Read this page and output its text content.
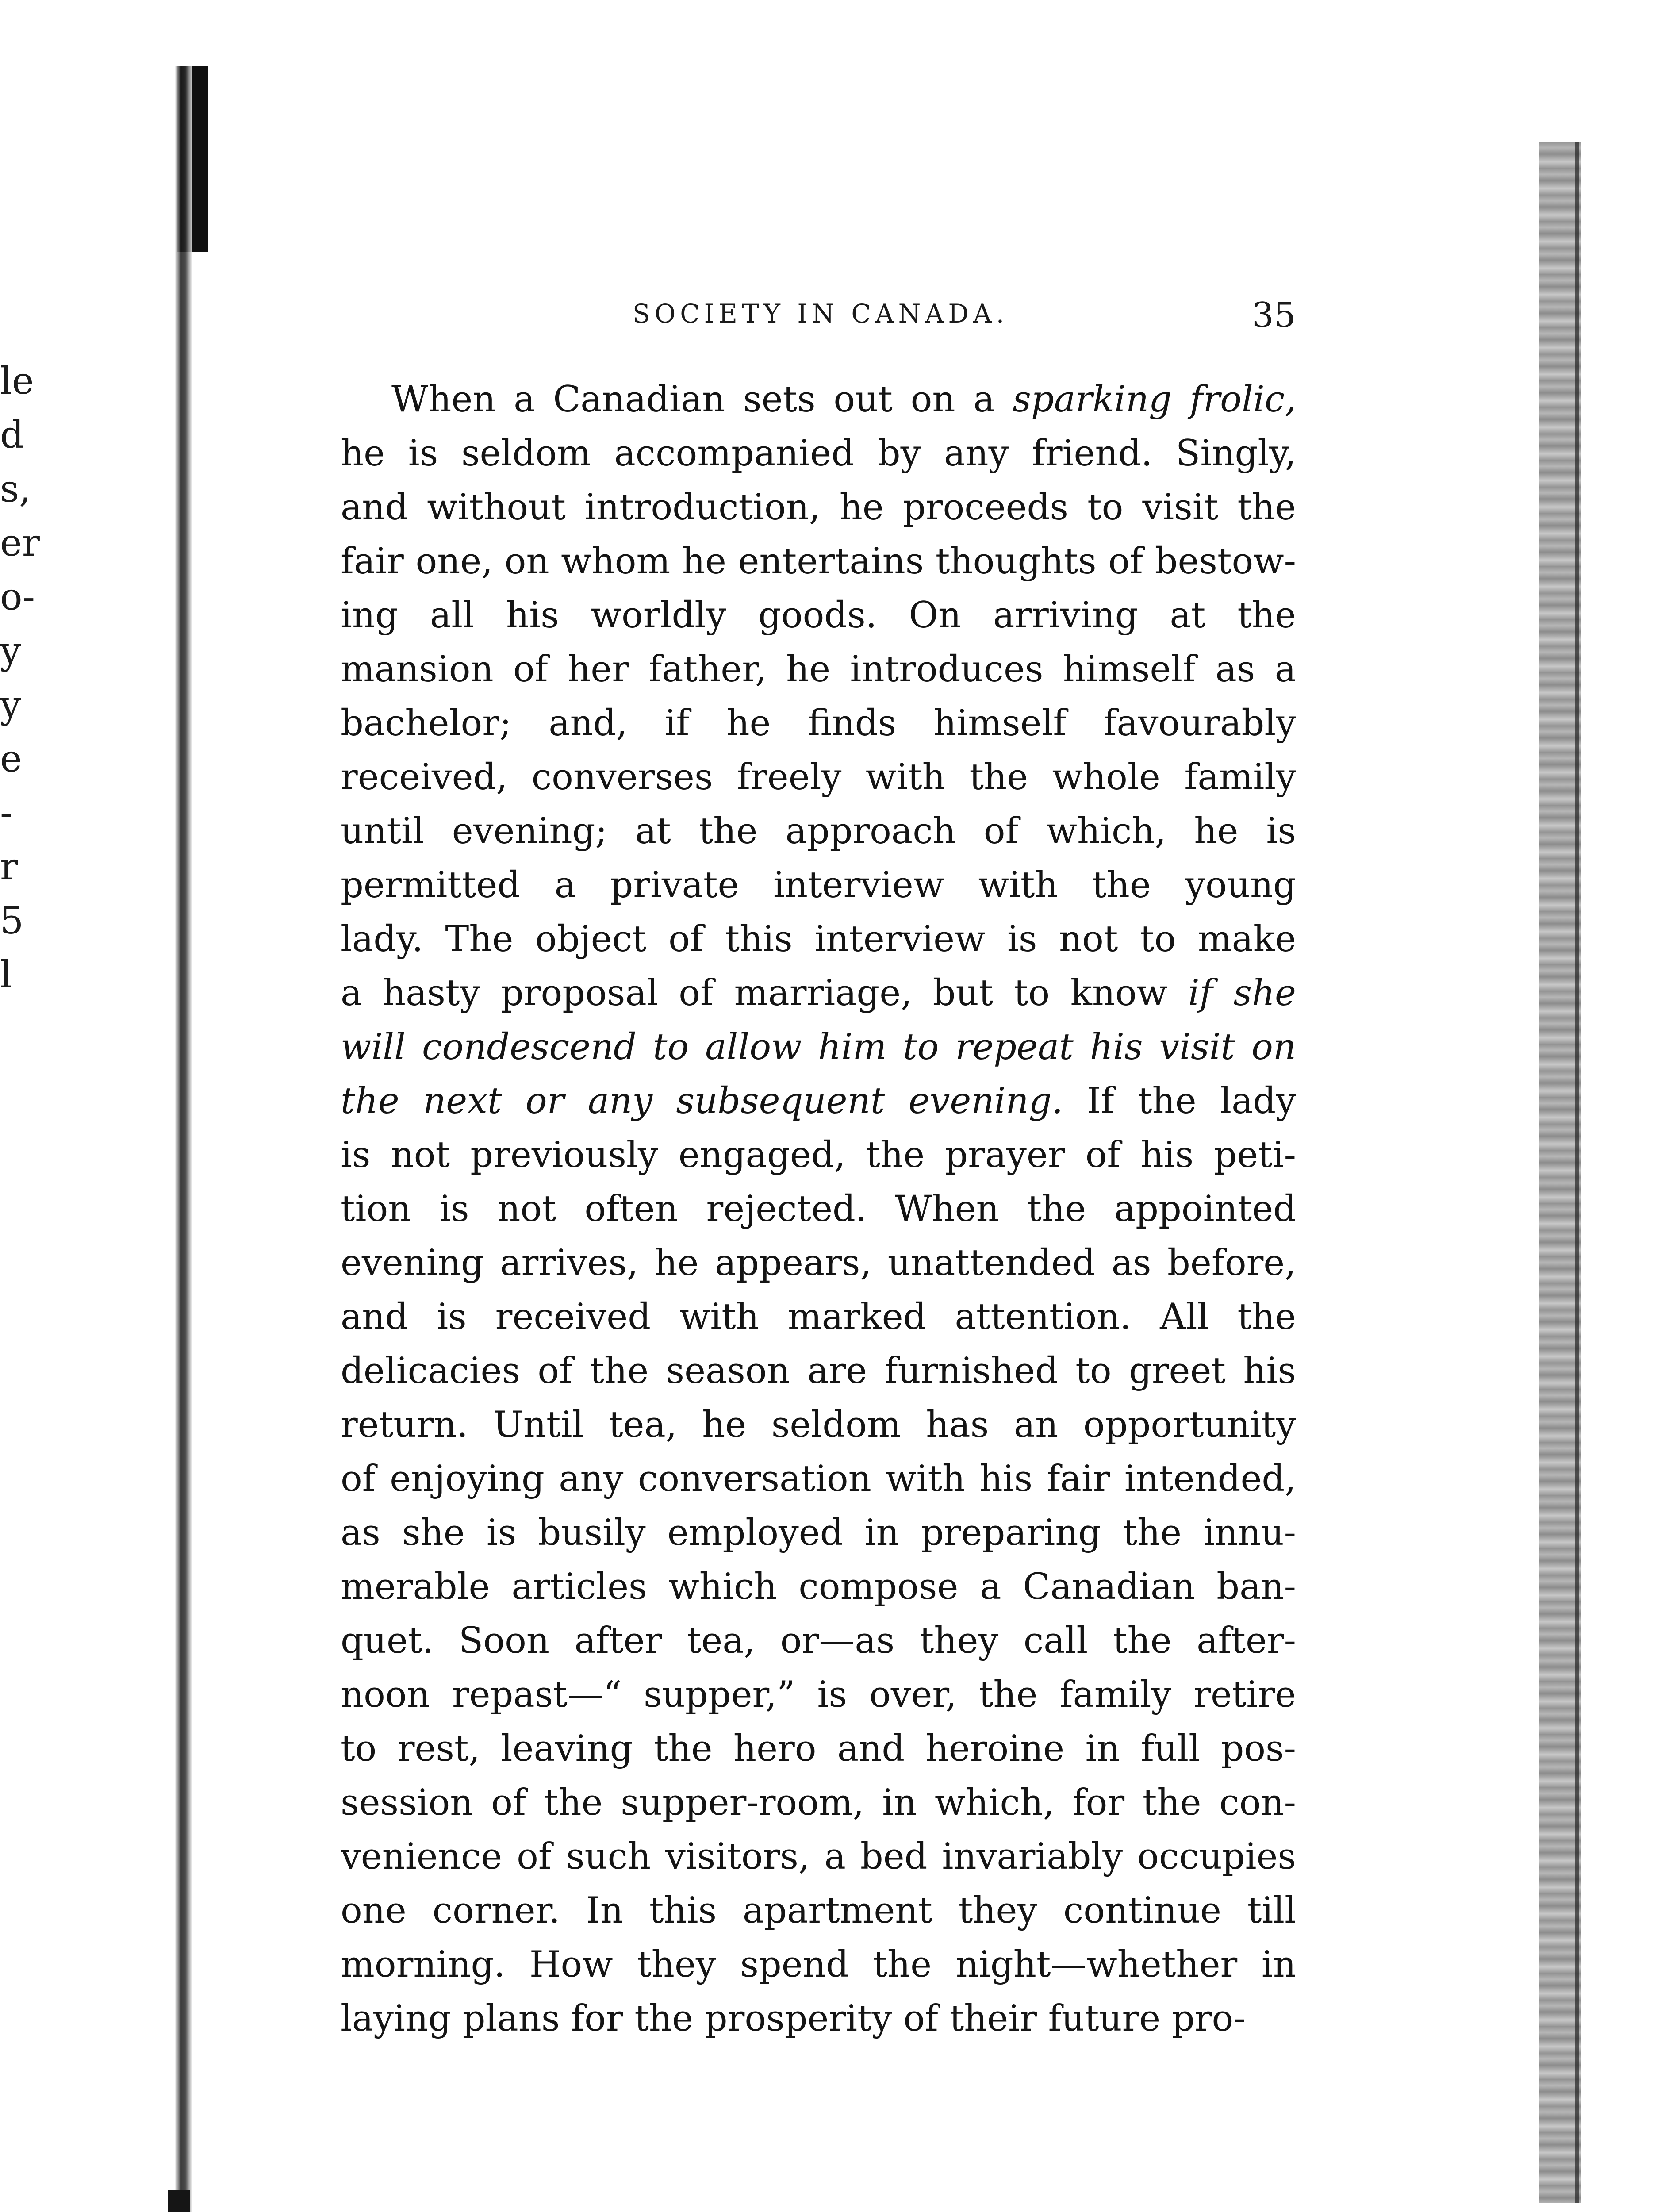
le
d
s,
er
o-
y
y
e
-
r
5
l
SOCIETY IN CANADA.	35
When a Canadian sets out on a sparking frolic,
he is seldom accompanied by any friend. Singly,
and without introduction, he proceeds to visit the
fair one, on whom he entertains thoughts of bestow-
ing all his worldly goods. On arriving at the
mansion of her father, he introduces himself as a
bachelor; and, if he finds himself favourably
received, converses freely with the whole family
until evening; at the approach of which, he is
permitted a private interview with the young
lady. The object of this interview is not to make
a hasty proposal of marriage, but to know if she
will condescend to allow him to repeat his visit on
the next or any subsequent evening. If the lady
is not previously engaged, the prayer of his peti-
tion is not often rejected. When the appointed
evening arrives, he appears, unattended as before,
and is received with marked attention. All the
delicacies of the season are furnished to greet his
return. Until tea, he seldom has an opportunity
of enjoying any conversation with his fair intended,
as she is busily employed in preparing the innu-
merable articles which compose a Canadian ban-
quet. Soon after tea, or—as they call the after-
noon repast—“ supper,” is over, the family retire
to rest, leaving the hero and heroine in full pos-
session of the supper-room, in which, for the con-
venience of such visitors, a bed invariably occupies
one corner. In this apartment they continue till
morning. How they spend the night—whether in
laying plans for the prosperity of their future pro-
